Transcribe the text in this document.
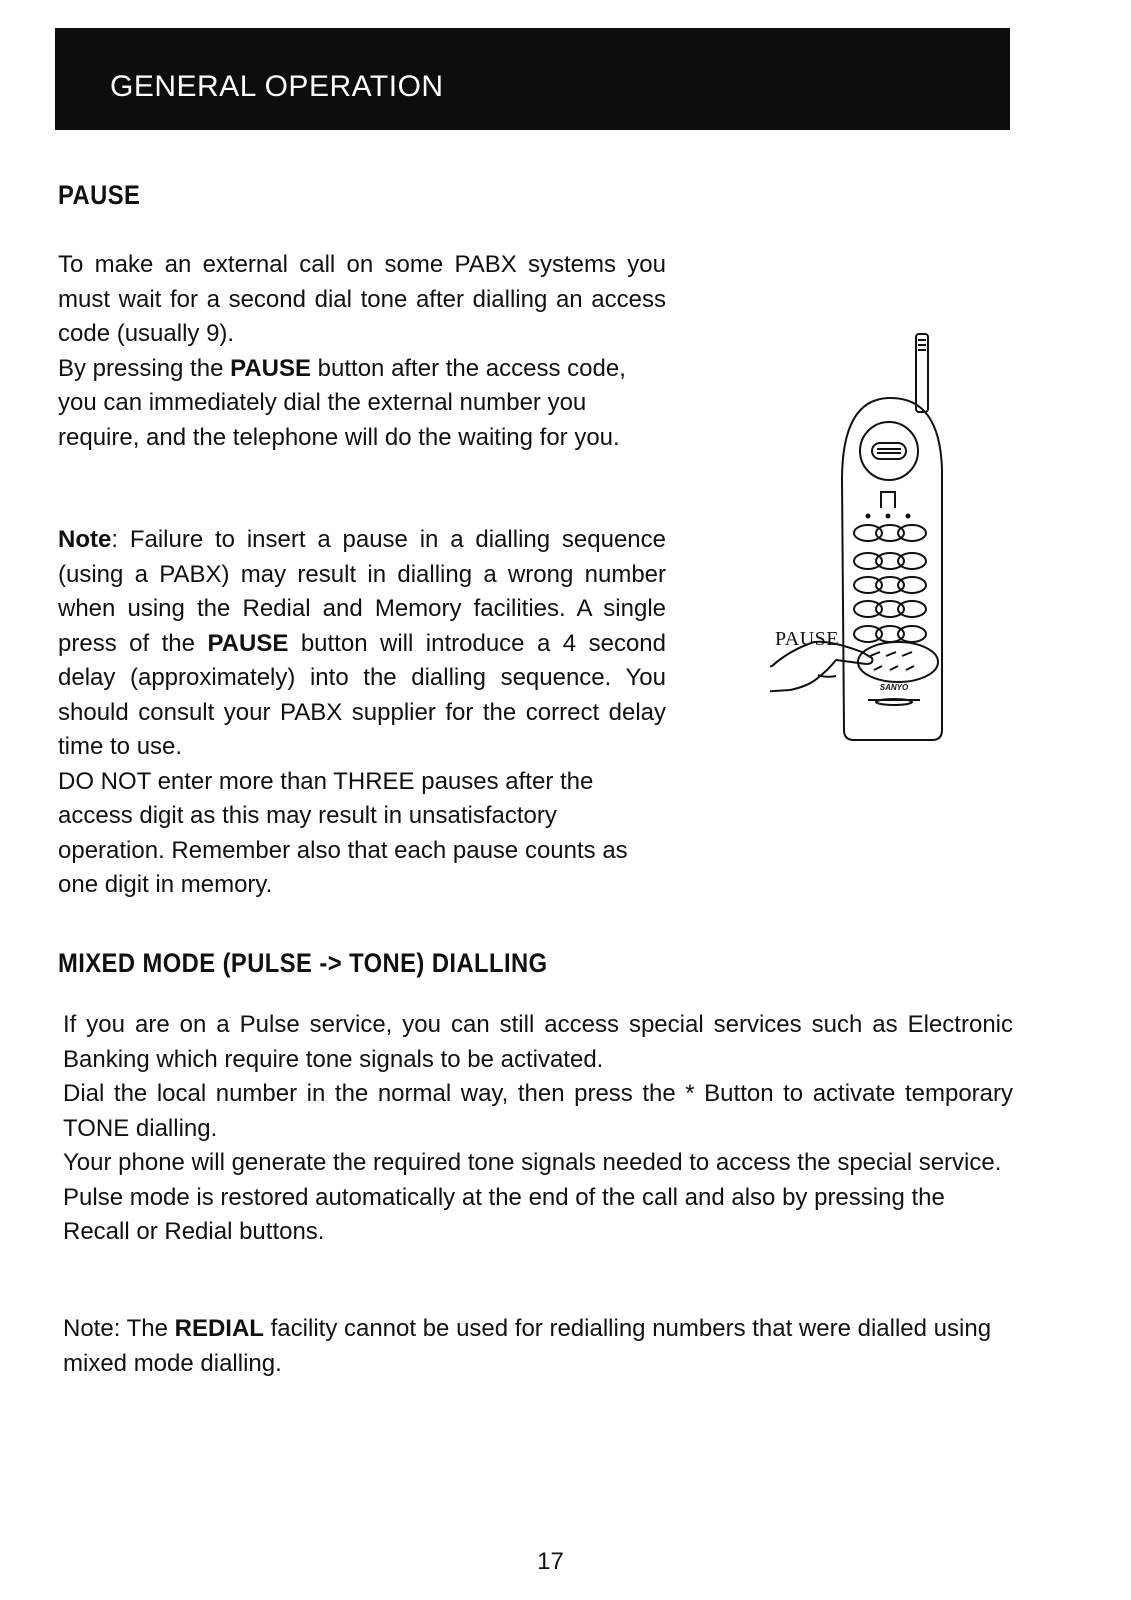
GENERAL OPERATION
PAUSE

To make an external call on some PABX systems you must wait for a second dial tone after dialling an access code (usually 9).

By pressing the PAUSE button after the access code, you can immediately dial the external number you require, and the telephone will do the waiting for you.

Note: Failure to insert a pause in a dialling sequence (using a PABX) may result in dialling a wrong number when using the Redial and Memory facilities. A single press of the PAUSE button will introduce a 4 second delay (approximately) into the dialling sequence. You should consult your PABX supplier for the correct delay time to use.

DO NOT enter more than THREE pauses after the access digit as this may result in unsatisfactory operation. Remember also that each pause counts as one digit in memory.

PAUSE
SANYO
MIXED MODE (PULSE -> TONE) DIALLING

If you are on a Pulse service, you can still access special services such as Electronic Banking which require tone signals to be activated.

Dial the local number in the normal way, then press the * Button to activate temporary TONE dialling.

Your phone will generate the required tone signals needed to access the special service.

Pulse mode is restored automatically at the end of the call and also by pressing the Recall or Redial buttons.

Note: The REDIAL facility cannot be used for redialling numbers that were dialled using mixed mode dialling.

17
